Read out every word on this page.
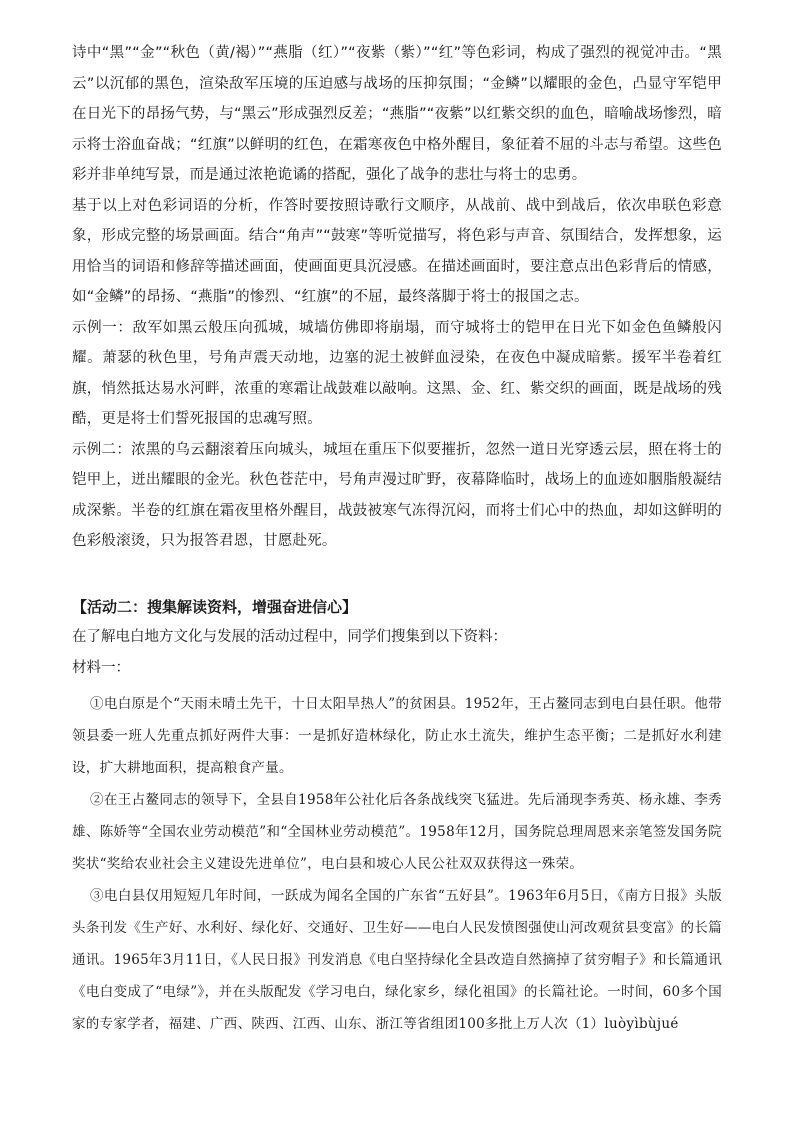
诗中“黑”“金”“秋色（黄/褐）”“燕脂（红）”“夜紫（紫）”“红”等色彩词，构成了强烈的视觉冲击。“黑云”以沉郁的黑色，渲染敌军压境的压迫感与战场的压抑氛围；“金鳞”以耀眼的金色，凸显守军铠甲在日光下的昂扬气势，与“黑云”形成强烈反差；“燕脂”“夜紫”以红紫交织的血色，暗喻战场惨烈，暗示将士浴血奋战；“红旗”以鲜明的红色，在霜寒夜色中格外醒目，象征着不屈的斗志与希望。这些色彩并非单纯写景，而是通过浓艳诡谲的搭配，强化了战争的悲壮与将士的忠勇。

基于以上对色彩词语的分析，作答时要按照诗歌行文顺序，从战前、战中到战后，依次串联色彩意象，形成完整的场景画面。结合“角声”“鼓寒”等听觉描写，将色彩与声音、氛围结合，发挥想象，运用恰当的词语和修辞等描述画面，使画面更具沉浸感。在描述画面时，要注意点出色彩背后的情感，如“金鳞”的昂扬、“燕脂”的惨烈、“红旗”的不屈，最终落脚于将士的报国之志。

示例一：敌军如黑云般压向孤城，城墙仿佛即将崩塌，而守城将士的铠甲在日光下如金色鱼鳞般闪耀。萧瑟的秋色里，号角声震天动地，边塞的泥土被鲜血浸染，在夜色中凝成暗紫。援军半卷着红旗，悄然抵达易水河畔，浓重的寒霜让战鼓难以敲响。这黑、金、红、紫交织的画面，既是战场的残酷，更是将士们誓死报国的忠魂写照。

示例二：浓黑的乌云翻滚着压向城头，城垣在重压下似要摧折，忽然一道日光穿透云层，照在将士的铠甲上，迸出耀眼的金光。秋色苍茫中，号角声漫过旷野，夜幕降临时，战场上的血迹如胭脂般凝结成深紫。半卷的红旗在霜夜里格外醒目，战鼓被寒气冻得沉闷，而将士们心中的热血，却如这鲜明的色彩般滚烫，只为报答君恩，甘愿赴死。

【活动二：搜集解读资料，增强奋进信心】

在了解电白地方文化与发展的活动过程中，同学们搜集到以下资料：

材料一：

①电白原是个“天雨未晴土先干，十日太阳旱热人”的贫困县。1952年，王占鳌同志到电白县任职。他带领县委一班人先重点抓好两件大事：一是抓好造林绿化，防止水土流失，维护生态平衡；二是抓好水利建设，扩大耕地面积，提高粮食产量。

②在王占鳌同志的领导下，全县自1958年公社化后各条战线突飞猛进。先后涌现李秀英、杨永雄、李秀雄、陈娇等“全国农业劳动模范”和“全国林业劳动模范”。1958年12月，国务院总理周恩来亲笔签发国务院奖状“奖给农业社会主义建设先进单位”，电白县和坡心人民公社双双获得这一殊荣。

③电白县仅用短短几年时间，一跃成为闻名全国的广东省“五好县”。1963年6月5日，《南方日报》头版头条刊发《生产好、水利好、绿化好、交通好、卫生好——电白人民发愤图强使山河改观贫县变富》的长篇通讯。1965年3月11日，《人民日报》刊发消息《电白坚持绿化全县改造自然摘掉了贫穷帽子》和长篇通讯《电白变成了“电绿”》，并在头版配发《学习电白，绿化家乡，绿化祖国》的长篇社论。一时间，60多个国家的专家学者，福建、广西、陕西、江西、山东、浙江等省组团100多批上万人次（1）luòyìbùjué
